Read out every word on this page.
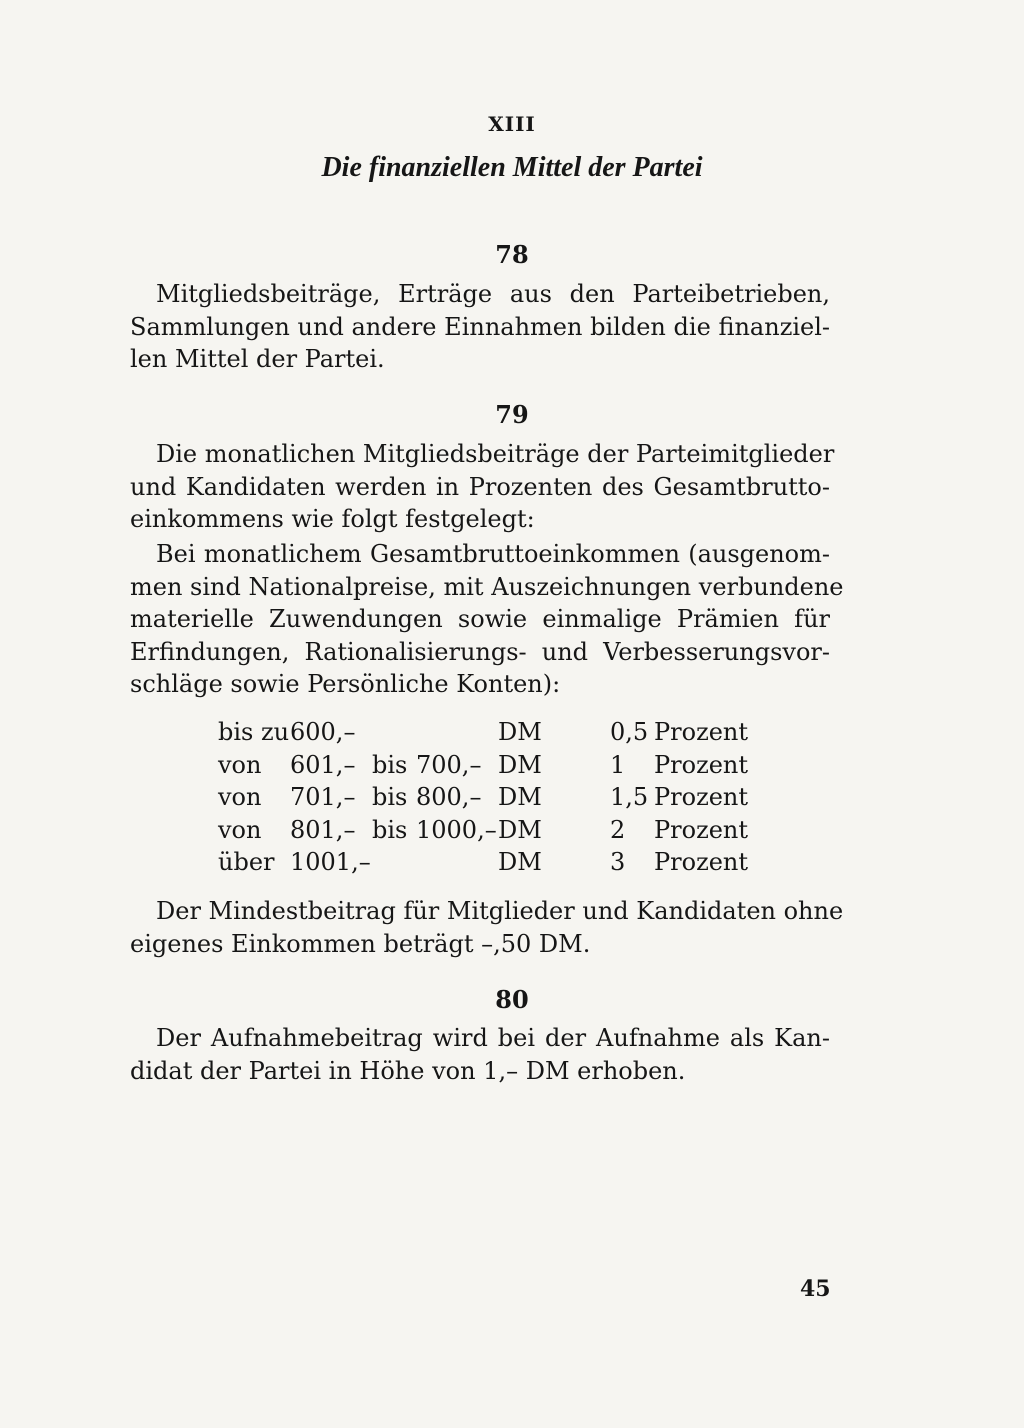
XIII
Die finanziellen Mittel der Partei
78
Mitgliedsbeiträge, Erträge aus den Parteibetrieben,
Sammlungen und andere Einnahmen bilden die finanziel-
len Mittel der Partei.
79
Die monatlichen Mitgliedsbeiträge der Parteimitglieder
und Kandidaten werden in Prozenten des Gesamtbrutto-
einkommens wie folgt festgelegt:
Bei monatlichem Gesamtbruttoeinkommen (ausgenom-
men sind Nationalpreise, mit Auszeichnungen verbundene
materielle Zuwendungen sowie einmalige Prämien für
Erfindungen, Rationalisierungs- und Verbesserungsvor-
schläge sowie Persönliche Konten):
bis zu	600,–			DM	0,5	Prozent
von	601,–	bis	700,–	DM	1	Prozent
von	701,–	bis	800,–	DM	1,5	Prozent
von	801,–	bis	1000,–	DM	2	Prozent
über	1001,–			DM	3	Prozent
Der Mindestbeitrag für Mitglieder und Kandidaten ohne
eigenes Einkommen beträgt –,50 DM.
80
Der Aufnahmebeitrag wird bei der Aufnahme als Kan-
didat der Partei in Höhe von 1,– DM erhoben.
45
